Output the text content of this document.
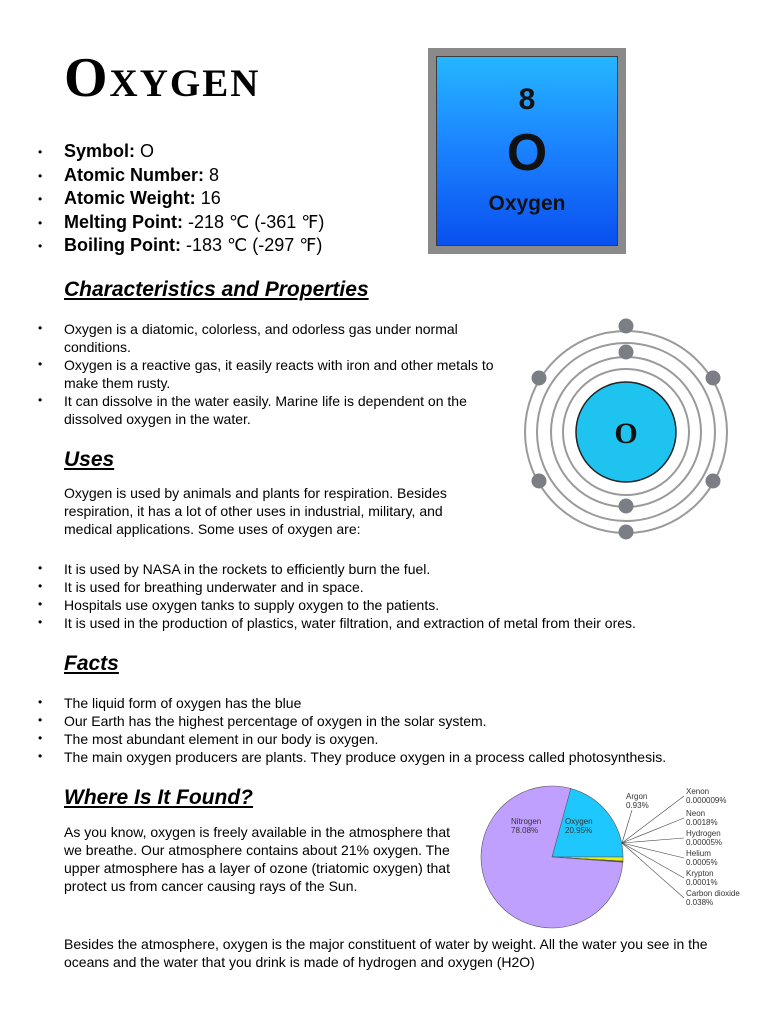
Oxygen
• Symbol: O
• Atomic Number: 8
• Atomic Weight: 16
• Melting Point: -218 ℃ (-361 ℉)
• Boiling Point: -183 ℃ (-297 ℉)
8
O
Oxygen
O
Characteristics and Properties
• Oxygen is a diatomic, colorless, and odorless gas under normal conditions.
• Oxygen is a reactive gas, it easily reacts with iron and other metals to make them rusty.
• It can dissolve in the water easily. Marine life is dependent on the dissolved oxygen in the water.
Uses
Oxygen is used by animals and plants for respiration. Besides respiration, it has a lot of other uses in industrial, military, and medical applications. Some uses of oxygen are:
• It is used by NASA in the rockets to efficiently burn the fuel.
• It is used for breathing underwater and in space.
• Hospitals use oxygen tanks to supply oxygen to the patients.
• It is used in the production of plastics, water filtration, and extraction of metal from their ores.
Facts
• The liquid form of oxygen has the blue
• Our Earth has the highest percentage of oxygen in the solar system.
• The most abundant element in our body is oxygen.
• The main oxygen producers are plants. They produce oxygen in a process called photosynthesis.
Where Is It Found?
As you know, oxygen is freely available in the atmosphere that we breathe. Our atmosphere contains about 21% oxygen. The upper atmosphere has a layer of ozone (triatomic oxygen) that protect us from cancer causing rays of the Sun.
Besides the atmosphere, oxygen is the major constituent of water by weight. All the water you see in the oceans and the water that you drink is made of hydrogen and oxygen (H2O)
Nitrogen
78.08%
Oxygen
20.95%
Argon
0.93%
Carbon dioxide
0.038%
Neon
0.0018%
Helium
0.0005%
Hydrogen
0.00005%
Krypton
0.0001%
Xenon
0.000009%
